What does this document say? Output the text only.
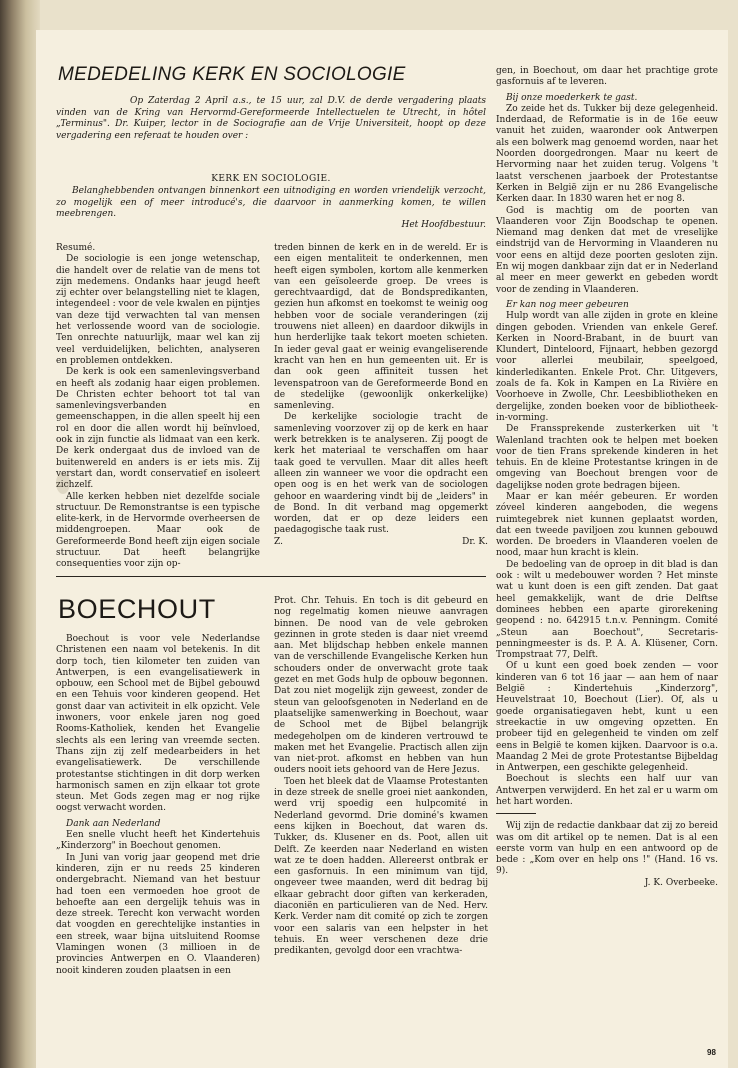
MEDEDELING KERK EN SOCIOLOGIE

Op Zaterdag 2 April a.s., te 15 uur, zal D.V. de derde vergadering plaats vinden van de Kring van Hervormd-Gereformeerde Intellectuelen te Utrecht, in hôtel „Terminus". Dr. Kuiper, lector in de Sociografie aan de Vrije Universiteit, hoopt op deze vergadering een referaat te houden over :

KERK EN SOCIOLOGIE.

Belanghebbenden ontvangen binnenkort een uitnodiging en worden vriendelijk verzocht, zo mogelijk een of meer introducé's, die daarvoor in aanmerking komen, te willen meebrengen.

Het Hoofdbestuur.

Resumé.

De sociologie is een jonge wetenschap, die handelt over de relatie van de mens tot zijn medemens. Ondanks haar jeugd heeft zij echter over belangstelling niet te klagen, integendeel : voor de vele kwalen en pijntjes van deze tijd verwachten tal van mensen het verlossende woord van de sociologie. Ten onrechte natuurlijk, maar wel kan zij veel verduidelijken, belichten, analyseren en problemen ontdekken.

De kerk is ook een samenlevingsverband en heeft als zodanig haar eigen problemen. De Christen echter behoort tot tal van samenlevingsverbanden en gemeenschappen, in die allen speelt hij een rol en door die allen wordt hij beïnvloed, ook in zijn functie als lidmaat van een kerk. De kerk ondergaat dus de invloed van de buitenwereld en anders is er iets mis. Zij verstart dan, wordt conservatief en isoleert zichzelf.

Alle kerken hebben niet dezelfde sociale structuur. De Remonstrantse is een typische elite-kerk, in de Hervormde overheersen de middengroepen. Maar ook de Gereformeerde Bond heeft zijn eigen sociale structuur. Dat heeft belangrijke consequenties voor zijn op-

treden binnen de kerk en in de wereld. Er is een eigen mentaliteit te onderkennen, men heeft eigen symbolen, kortom alle kenmerken van een geïsoleerde groep. De vrees is gerechtvaardigd, dat de Bondspredikanten, gezien hun afkomst en toekomst te weinig oog hebben voor de sociale veranderingen (zij trouwens niet alleen) en daardoor dikwijls in hun herderlijke taak tekort moeten schieten. In ieder geval gaat er weinig evangeliserende kracht van hen en hun gemeenten uit. Er is dan ook geen affiniteit tussen het levenspatroon van de Gereformeerde Bond en de stedelijke (gewoonlijk onkerkelijke) samenleving.

De kerkelijke sociologie tracht de samenleving voorzover zij op de kerk en haar werk betrekken is te analyseren. Zij poogt de kerk het materiaal te verschaffen om haar taak goed te vervullen. Maar dit alles heeft alleen zin wanneer we voor die opdracht een open oog is en het werk van de sociologen gehoor en waardering vindt bij de „leiders" in de Bond. In dit verband mag opgemerkt worden, dat er op deze leiders een paedagogische taak rust.

Z.	Dr. K.

BOECHOUT

Boechout is voor vele Nederlandse Christenen een naam vol betekenis. In dit dorp toch, tien kilometer ten zuiden van Antwerpen, is een evangelisatiewerk in opbouw, een School met de Bijbel gebouwd en een Tehuis voor kinderen geopend. Het gonst daar van activiteit in elk opzicht. Vele inwoners, voor enkele jaren nog goed Rooms-Katholiek, kenden het Evangelie slechts als een lering van vreemde secten. Thans zijn zij zelf medearbeiders in het evangelisatiewerk. De verschillende protestantse stichtingen in dit dorp werken harmonisch samen en zijn elkaar tot grote steun. Met Gods zegen mag er nog rijke oogst verwacht worden.

Dank aan Nederland

Een snelle vlucht heeft het Kindertehuis „Kinderzorg" in Boechout genomen.

In Juni van vorig jaar geopend met drie kinderen, zijn er nu reeds 25 kinderen ondergebracht. Niemand van het bestuur had toen een vermoeden hoe groot de behoefte aan een dergelijk tehuis was in deze streek. Terecht kon verwacht worden dat voogden en gerechtelijke instanties in een streek, waar bijna uitsluitend Roomse Vlamingen wonen (3 millioen in de provincies Antwerpen en O. Vlaanderen) nooit kinderen zouden plaatsen in een

Prot. Chr. Tehuis. En toch is dit gebeurd en nog regelmatig komen nieuwe aanvragen binnen. De nood van de vele gebroken gezinnen in grote steden is daar niet vreemd aan. Met blijdschap hebben enkele mannen van de verschillende Evangelische Kerken hun schouders onder de onverwacht grote taak gezet en met Gods hulp de opbouw begonnen. Dat zou niet mogelijk zijn geweest, zonder de steun van geloofsgenoten in Nederland en de plaatselijke samenwerking in Boechout, waar de School met de Bijbel belangrijk medegeholpen om de kinderen vertrouwd te maken met het Evangelie. Practisch allen zijn van niet-prot. afkomst en hebben van hun ouders nooit iets gehoord van de Here Jezus.

Toen het bleek dat de Vlaamse Protestanten in deze streek de snelle groei niet aankonden, werd vrij spoedig een hulpcomité in Nederland gevormd. Drie dominé's kwamen eens kijken in Boechout, dat waren ds. Tukker, ds. Klusener en ds. Poot, allen uit Delft. Ze keerden naar Nederland en wisten wat ze te doen hadden. Allereerst ontbrak er een gasfornuis. In een minimum van tijd, ongeveer twee maanden, werd dit bedrag bij elkaar gebracht door giften van kerkeraden, diaconiën en particulieren van de Ned. Herv. Kerk. Verder nam dit comité op zich te zorgen voor een salaris van een helpster in het tehuis. En weer verschenen deze drie predikanten, gevolgd door een vrachtwa-

gen, in Boechout, om daar het prachtige grote gasfornuis af te leveren.

Bij onze moederkerk te gast.

Zo zeide het ds. Tukker bij deze gelegenheid. Inderdaad, de Reformatie is in de 16e eeuw vanuit het zuiden, waaronder ook Antwerpen als een bolwerk mag genoemd worden, naar het Noorden doorgedrongen. Maar nu keert de Hervorming naar het zuiden terug. Volgens 't laatst verschenen jaarboek der Protestantse Kerken in België zijn er nu 286 Evangelische Kerken daar. In 1830 waren het er nog 8.

God is machtig om de poorten van Vlaanderen voor Zijn Boodschap te openen. Niemand mag denken dat met de vreselijke eindstrijd van de Hervorming in Vlaanderen nu voor eens en altijd deze poorten gesloten zijn. En wij mogen dankbaar zijn dat er in Nederland al meer en meer gewerkt en gebeden wordt voor de zending in Vlaanderen.

Er kan nog meer gebeuren

Hulp wordt van alle zijden in grote en kleine dingen geboden. Vrienden van enkele Geref. Kerken in Noord-Brabant, in de buurt van Klundert, Dinteloord, Fijnaart, hebben gezorgd voor allerlei meubilair, speelgoed, kinderledikanten. Enkele Prot. Chr. Uitgevers, zoals de fa. Kok in Kampen en La Rivière en Voorhoeve in Zwolle, Chr. Leesbibliotheken en dergelijke, zonden boeken voor de bibliotheek-in-vorming.

De Franssprekende zusterkerken uit 't Walenland trachten ook te helpen met boeken voor de tien Frans sprekende kinderen in het tehuis. En de kleine Protestantse kringen in de omgeving van Boechout brengen voor de dagelijkse noden grote bedragen bijeen.

Maar er kan méér gebeuren. Er worden zóveel kinderen aangeboden, die wegens ruimtegebrek niet kunnen geplaatst worden, dat een tweede paviljoen zou kunnen gebouwd worden. De broeders in Vlaanderen voelen de nood, maar hun kracht is klein.

De bedoeling van de oproep in dit blad is dan ook : wilt u medebouwer worden ? Het minste wat u kunt doen is een gift zenden. Dat gaat heel gemakkelijk, want de drie Delftse dominees hebben een aparte girorekening geopend : no. 642915 t.n.v. Penningm. Comité „Steun aan Boechout", Secretaris-penningmeester is ds. P. A. A. Klüsener, Corn. Trompstraat 77, Delft.

Of u kunt een goed boek zenden — voor kinderen van 6 tot 16 jaar — aan hem of naar België : Kindertehuis „Kinderzorg", Heuvelstraat 10, Boechout (Lier). Of, als u goede organisatiegaven hebt, kunt u een streekactie in uw omgeving opzetten. En probeer tijd en gelegenheid te vinden om zelf eens in België te komen kijken. Daarvoor is o.a. Maandag 2 Mei de grote Protestantse Bijbeldag in Antwerpen, een geschikte gelegenheid.

Boechout is slechts een half uur van Antwerpen verwijderd. En het zal er u warm om het hart worden.

Wij zijn de redactie dankbaar dat zij zo bereid was om dit artikel op te nemen. Dat is al een eerste vorm van hulp en een antwoord op de bede : „Kom over en help ons !" (Hand. 16 vs. 9).

J. K. Overbeeke.

98
